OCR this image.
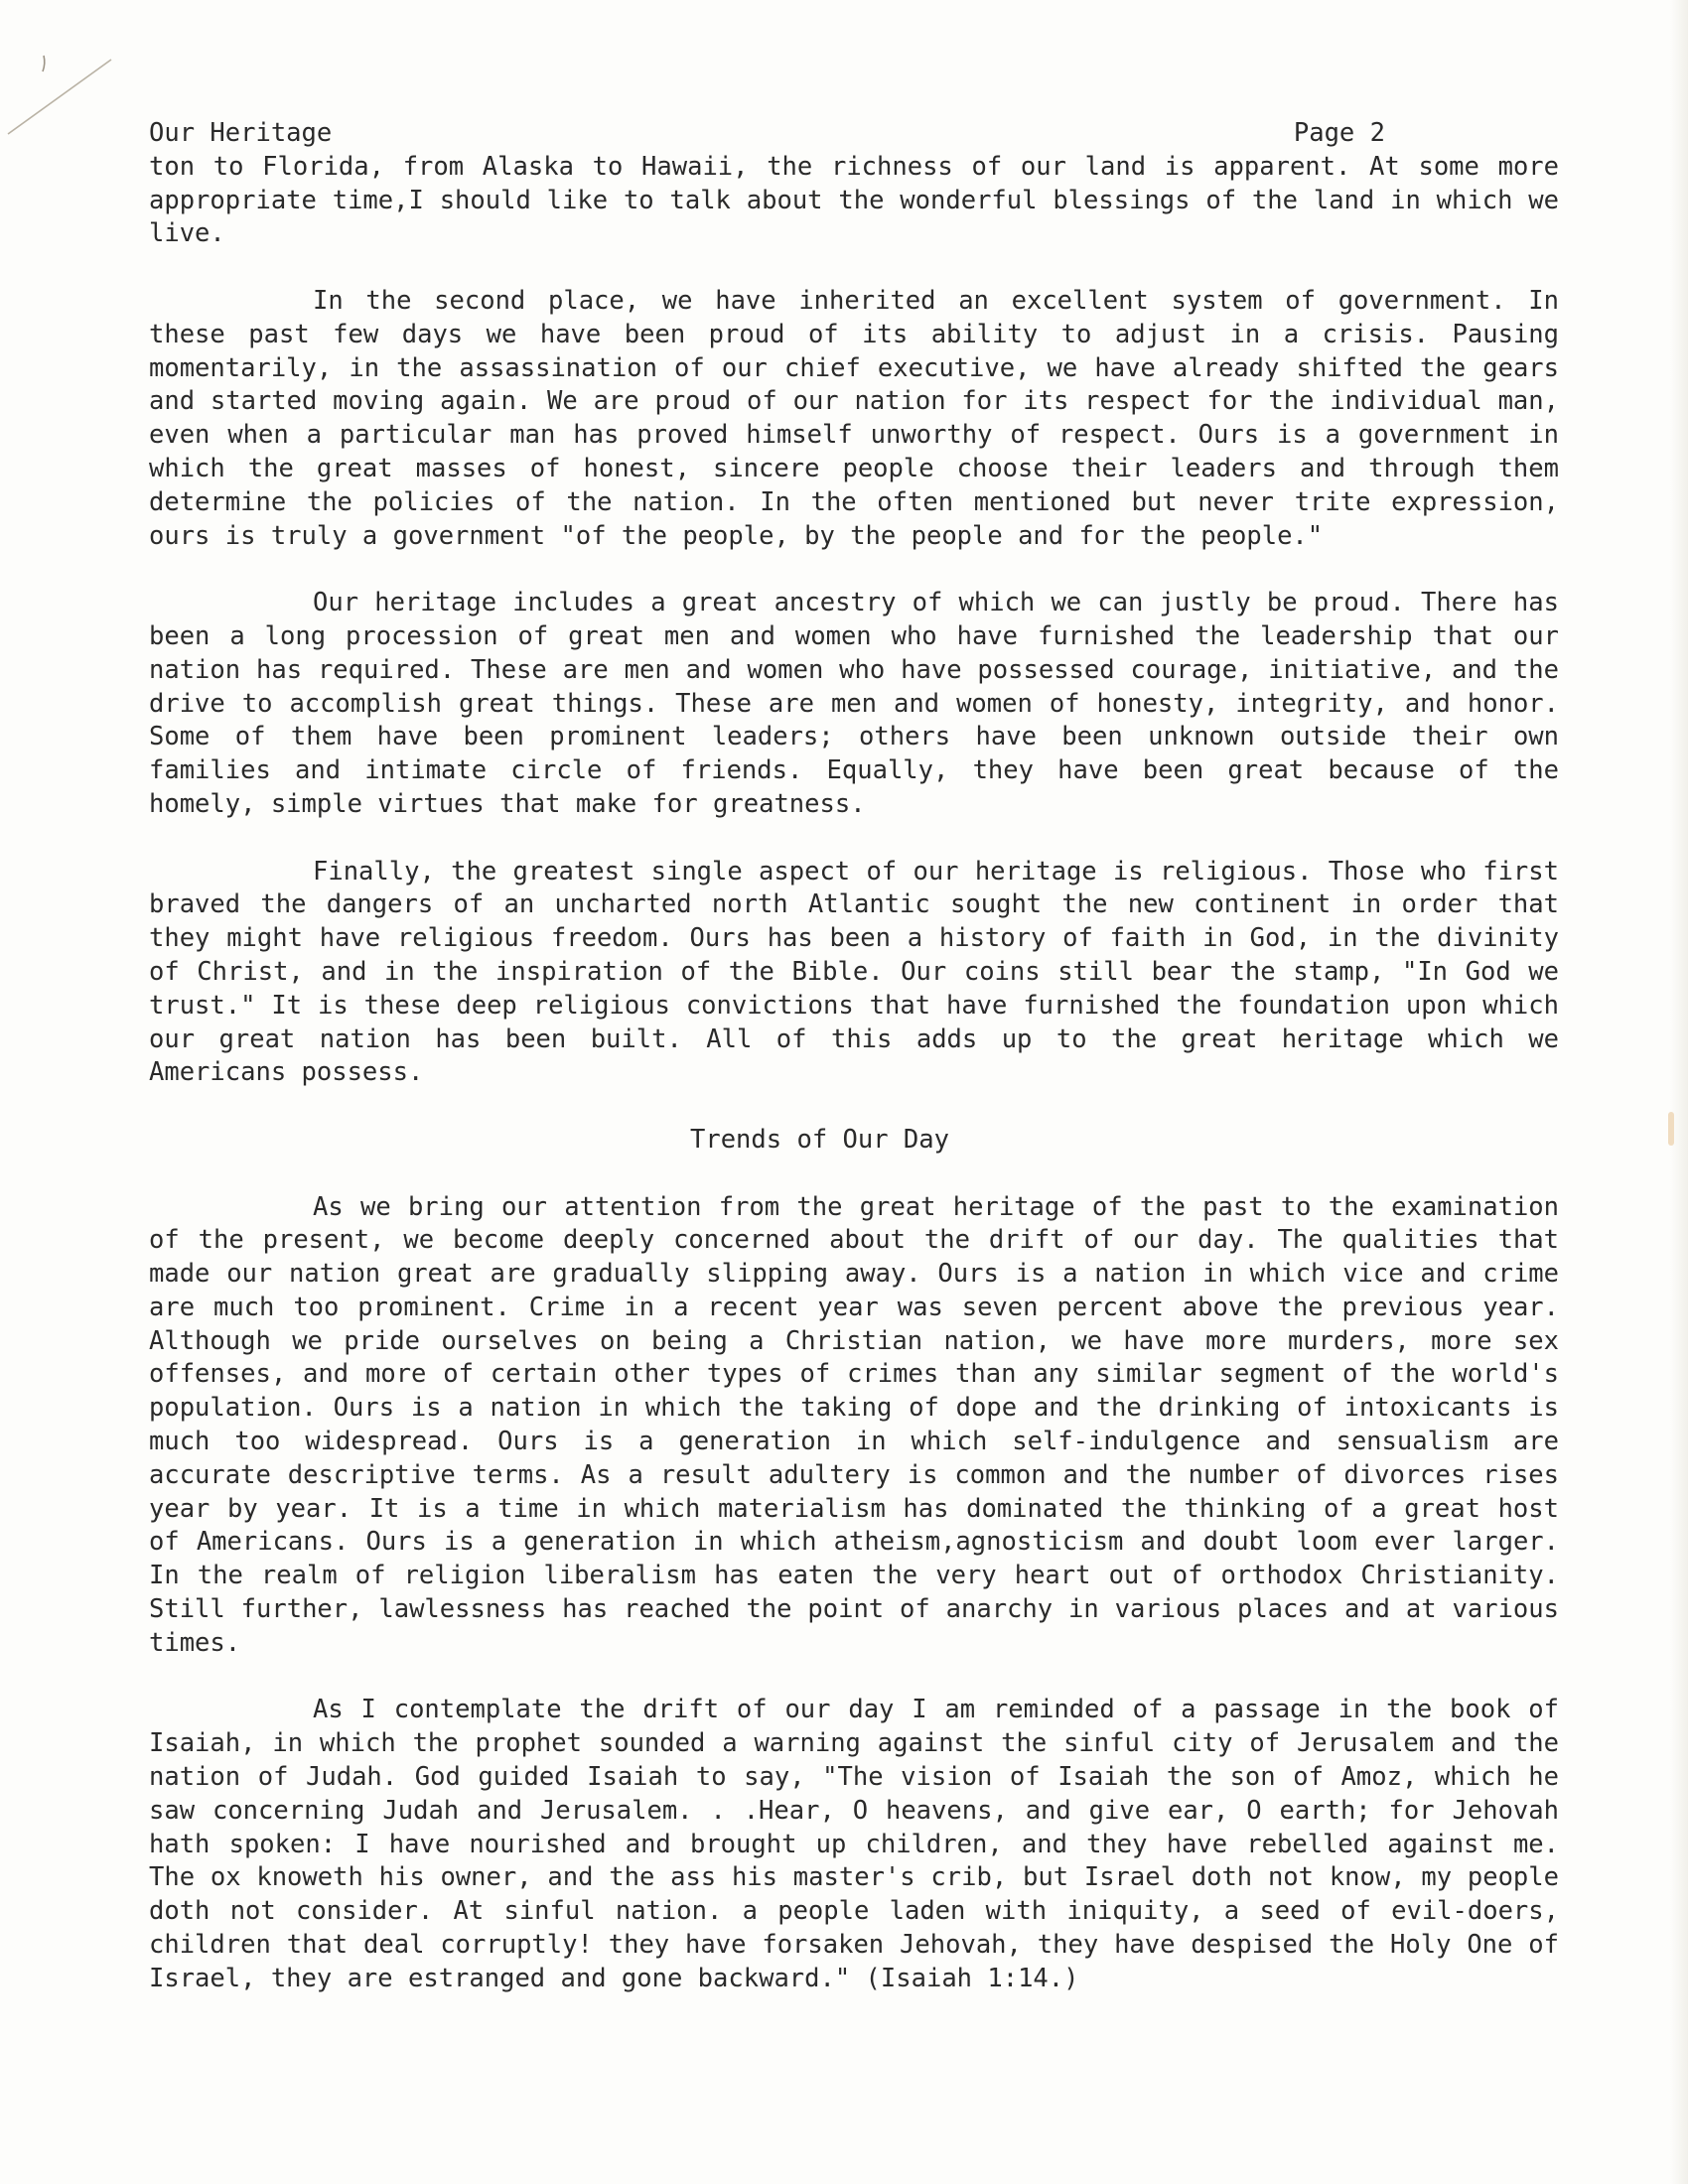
Our Heritage	Page 2

ton to Florida, from Alaska to Hawaii, the richness of our land is apparent. At some more appropriate time,I should like to talk about the wonderful blessings of the land in which we live.

In the second place, we have inherited an excellent system of government. In these past few days we have been proud of its ability to adjust in a crisis. Pausing momentarily, in the assassination of our chief executive, we have already shifted the gears and started moving again. We are proud of our nation for its respect for the individual man, even when a particular man has proved himself unworthy of respect. Ours is a government in which the great masses of honest, sincere people choose their leaders and through them determine the policies of the nation. In the often mentioned but never trite expression, ours is truly a government "of the people, by the people and for the people."

Our heritage includes a great ancestry of which we can justly be proud. There has been a long procession of great men and women who have furnished the leadership that our nation has required. These are men and women who have possessed courage, initiative, and the drive to accomplish great things. These are men and women of honesty, integrity, and honor. Some of them have been prominent leaders; others have been unknown outside their own families and intimate circle of friends. Equally, they have been great because of the homely, simple virtues that make for greatness.

Finally, the greatest single aspect of our heritage is religious. Those who first braved the dangers of an uncharted north Atlantic sought the new continent in order that they might have religious freedom. Ours has been a history of faith in God, in the divinity of Christ, and in the inspiration of the Bible. Our coins still bear the stamp, "In God we trust." It is these deep religious convictions that have furnished the foundation upon which our great nation has been built. All of this adds up to the great heritage which we Americans possess.

Trends of Our Day

As we bring our attention from the great heritage of the past to the examination of the present, we become deeply concerned about the drift of our day. The qualities that made our nation great are gradually slipping away. Ours is a nation in which vice and crime are much too prominent. Crime in a recent year was seven percent above the previous year. Although we pride ourselves on being a Christian nation, we have more murders, more sex offenses, and more of certain other types of crimes than any similar segment of the world's population. Ours is a nation in which the taking of dope and the drinking of intoxicants is much too widespread. Ours is a generation in which self-indulgence and sensualism are accurate descriptive terms. As a result adultery is common and the number of divorces rises year by year. It is a time in which materialism has dominated the thinking of a great host of Americans. Ours is a generation in which atheism,agnosticism and doubt loom ever larger. In the realm of religion liberalism has eaten the very heart out of orthodox Christianity. Still further, lawlessness has reached the point of anarchy in various places and at various times.

As I contemplate the drift of our day I am reminded of a passage in the book of Isaiah, in which the prophet sounded a warning against the sinful city of Jerusalem and the nation of Judah. God guided Isaiah to say, "The vision of Isaiah the son of Amoz, which he saw concerning Judah and Jerusalem. . .Hear, O heavens, and give ear, O earth; for Jehovah hath spoken: I have nourished and brought up children, and they have rebelled against me. The ox knoweth his owner, and the ass his master's crib, but Israel doth not know, my people doth not consider. At sinful nation. a people laden with iniquity, a seed of evil-doers, children that deal corruptly! they have forsaken Jehovah, they have despised the Holy One of Israel, they are estranged and gone backward." (Isaiah 1:14.)
